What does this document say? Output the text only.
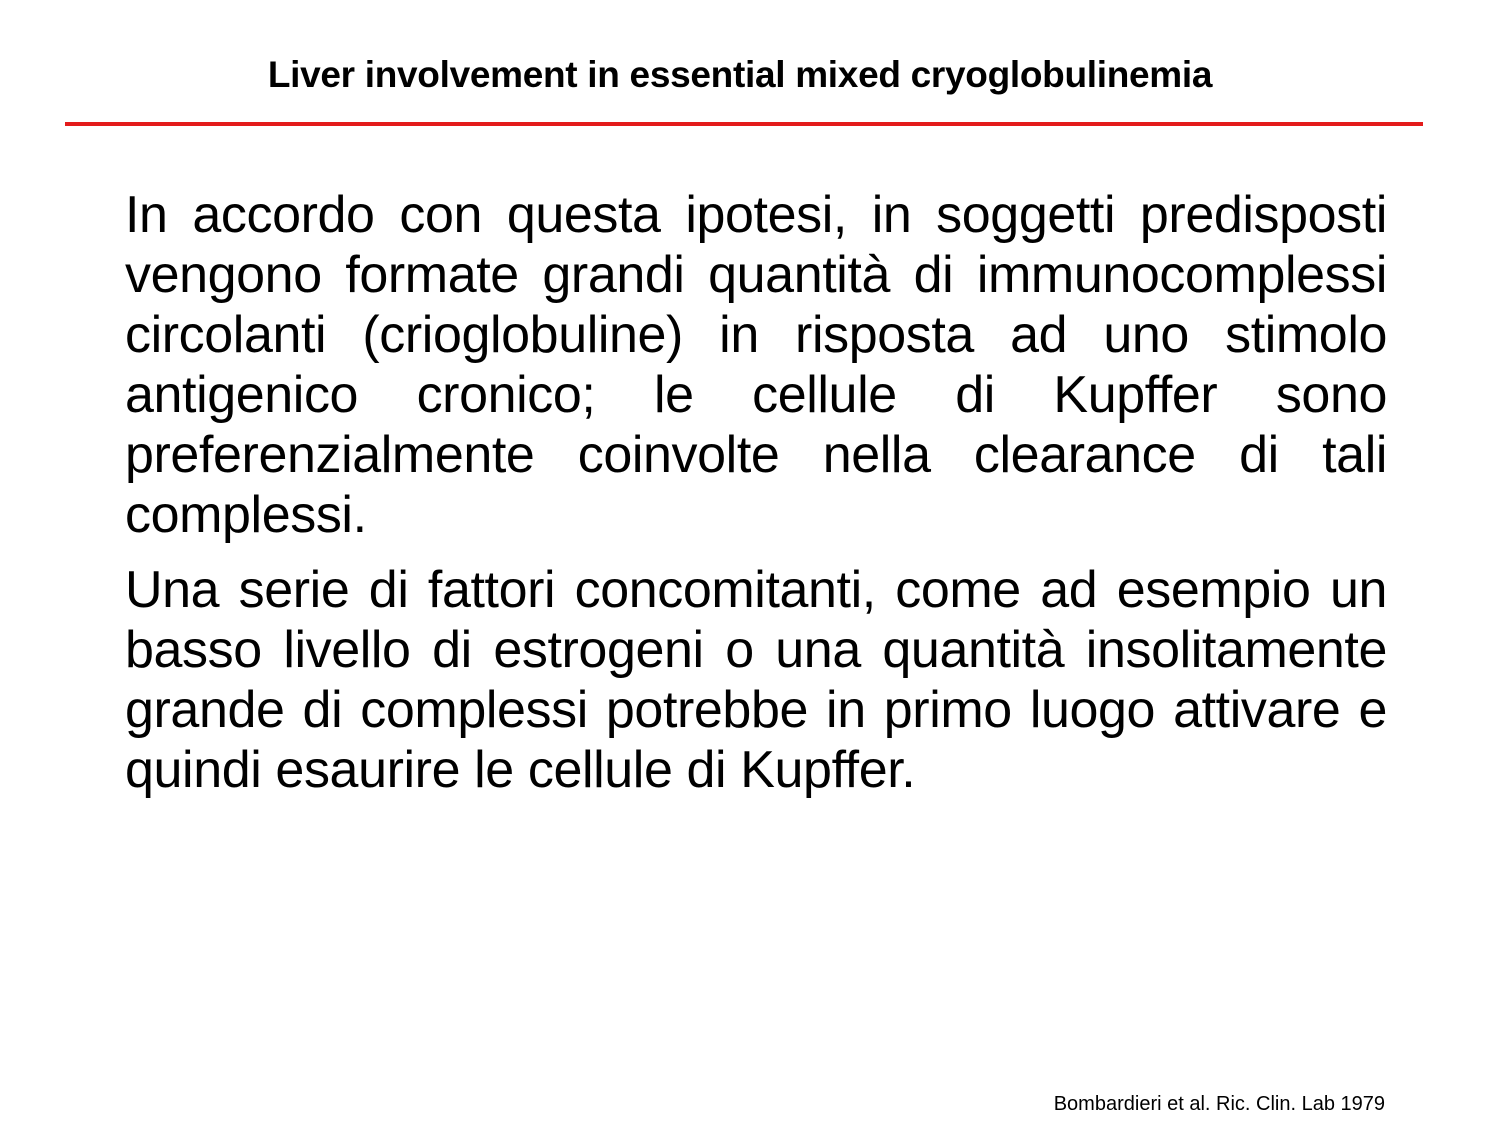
Liver involvement in essential mixed cryoglobulinemia

In accordo con questa ipotesi, in soggetti predisposti vengono formate grandi quantità di immunocomplessi circolanti (crioglobuline) in risposta ad uno stimolo antigenico cronico; le cellule di Kupffer sono preferenzialmente coinvolte nella clearance di tali complessi.

Una serie di fattori concomitanti, come ad esempio un basso livello di estrogeni o una quantità insolitamente grande di complessi potrebbe in primo luogo attivare e quindi esaurire le cellule di Kupffer.

Bombardieri et al. Ric. Clin. Lab 1979
